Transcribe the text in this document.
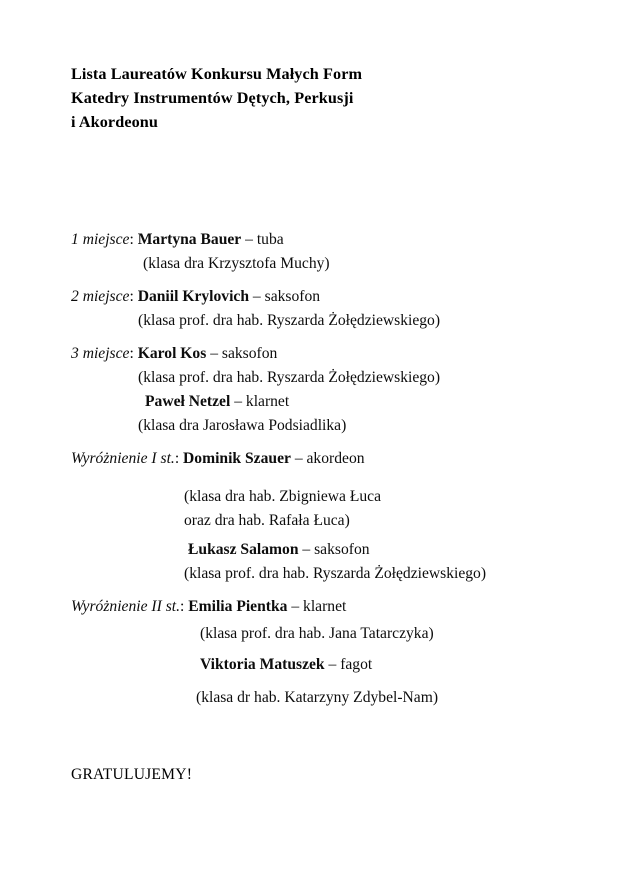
Lista Laureatów Konkursu Małych Form
Katedry Instrumentów Dętych, Perkusji
i Akordeonu
1 miejsce: Martyna Bauer – tuba
(klasa dra Krzysztofa Muchy)
2 miejsce: Daniil Krylovich – saksofon
(klasa prof. dra hab. Ryszarda Żołędziewskiego)
3 miejsce: Karol Kos – saksofon
(klasa prof. dra hab. Ryszarda Żołędziewskiego)
Paweł Netzel – klarnet
(klasa dra Jarosława Podsiadlika)
Wyróżnienie I st.: Dominik Szauer – akordeon
(klasa dra hab. Zbigniewa Łuca
oraz dra hab. Rafała Łuca)
Łukasz Salamon – saksofon
(klasa prof. dra hab. Ryszarda Żołędziewskiego)
Wyróżnienie II st.: Emilia Pientka – klarnet
(klasa prof. dra hab. Jana Tatarczyka)
Viktoria Matuszek – fagot
(klasa dr hab. Katarzyny Zdybel-Nam)
GRATULUJEMY!
